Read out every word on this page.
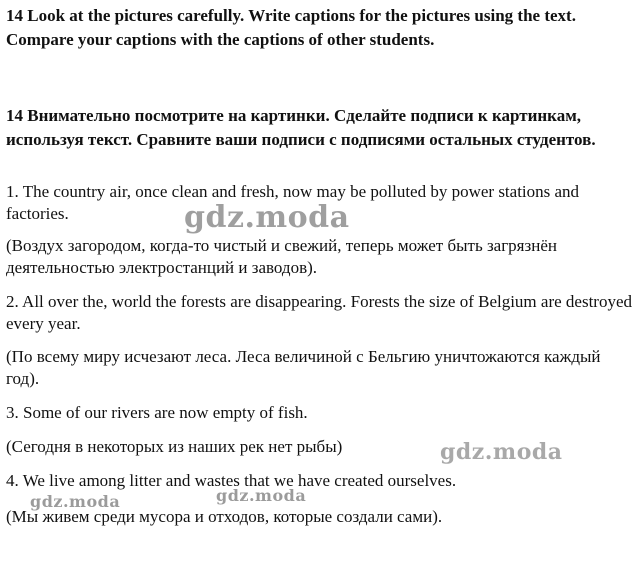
14 Look at the pictures carefully. Write captions for the pictures using the text. Compare your captions with the captions of other students.

14 Внимательно посмотрите на картинки. Сделайте подписи к картинкам, используя текст. Сравните ваши подписи с подписями остальных студентов.

1. The country air, once clean and fresh, now may be polluted by power stations and factories.

(Воздух загородом, когда-то чистый и свежий, теперь может быть загрязнён деятельностью электростанций и заводов).

2. All over the, world the forests are disappearing. Forests the size of Belgium are destroyed every year.

(По всему миру исчезают леса. Леса величиной с Бельгию уничтожаются каждый год).

3. Some of our rivers are now empty of fish.

(Сегодня в некоторых из наших рек нет рыбы)

4. We live among litter and wastes that we have created ourselves.

(Мы живем среди мусора и отходов, которые создали сами).

gdz.moda
gdz.moda
gdz.moda	gdz.moda
